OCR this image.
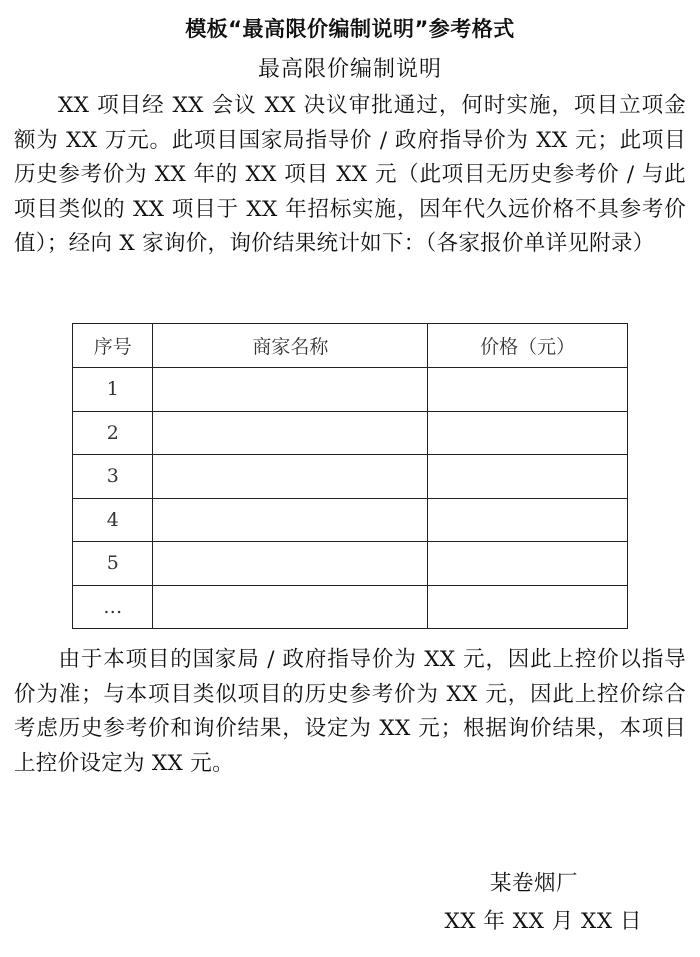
模板“最高限价编制说明”参考格式
最高限价编制说明
XX 项目经 XX 会议 XX 决议审批通过，何时实施，项目立项金额为 XX 万元。此项目国家局指导价 / 政府指导价为 XX 元；此项目历史参考价为 XX 年的 XX 项目 XX 元（此项目无历史参考价 / 与此项目类似的 XX 项目于 XX 年招标实施，因年代久远价格不具参考价值）；经向 X 家询价，询价结果统计如下：（各家报价单详见附录）
序号	商家名称	价格（元）
1		
2		
3		
4		
5		
…		
由于本项目的国家局 / 政府指导价为 XX 元，因此上控价以指导价为准；与本项目类似项目的历史参考价为 XX 元，因此上控价综合考虑历史参考价和询价结果，设定为 XX 元；根据询价结果，本项目上控价设定为 XX 元。
某卷烟厂
XX 年 XX 月 XX 日
